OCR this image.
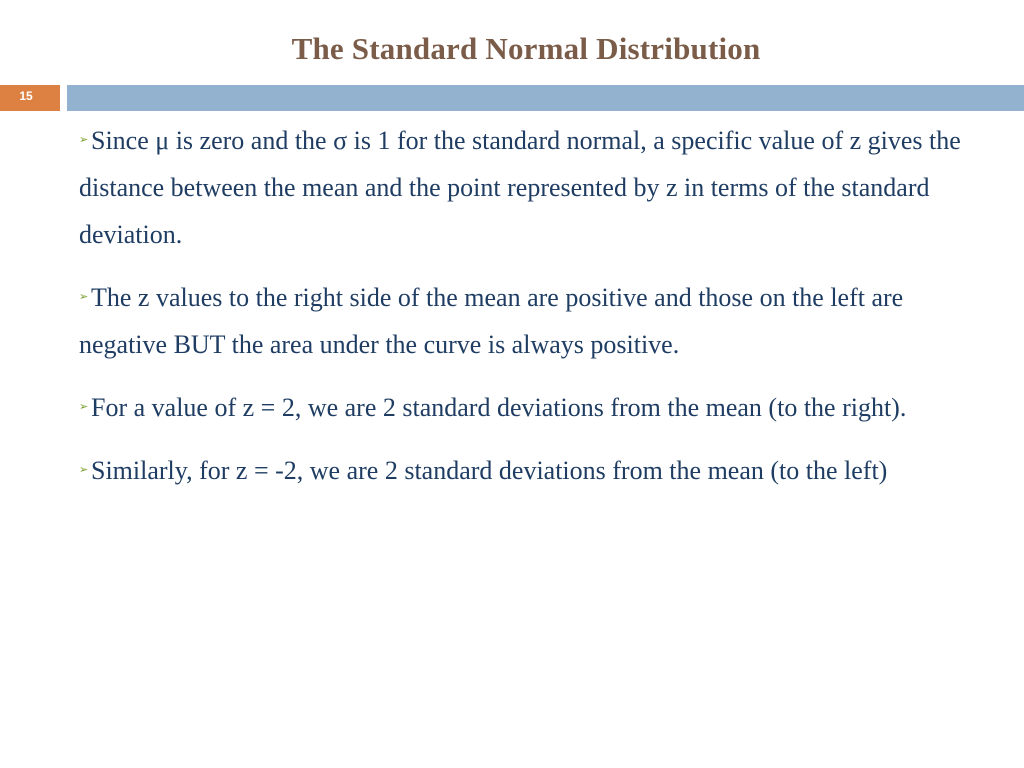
The Standard Normal Distribution
15
➢ Since μ is zero and the σ is 1 for the standard normal, a specific value of z gives the distance between the mean and the point represented by z in terms of the standard deviation.
➢ The z values to the right side of the mean are positive and those on the left are negative BUT the area under the curve is always positive.
➢ For a value of z = 2, we are 2 standard deviations from the mean (to the right).
➢ Similarly, for z = -2, we are 2 standard deviations from the mean (to the left)
